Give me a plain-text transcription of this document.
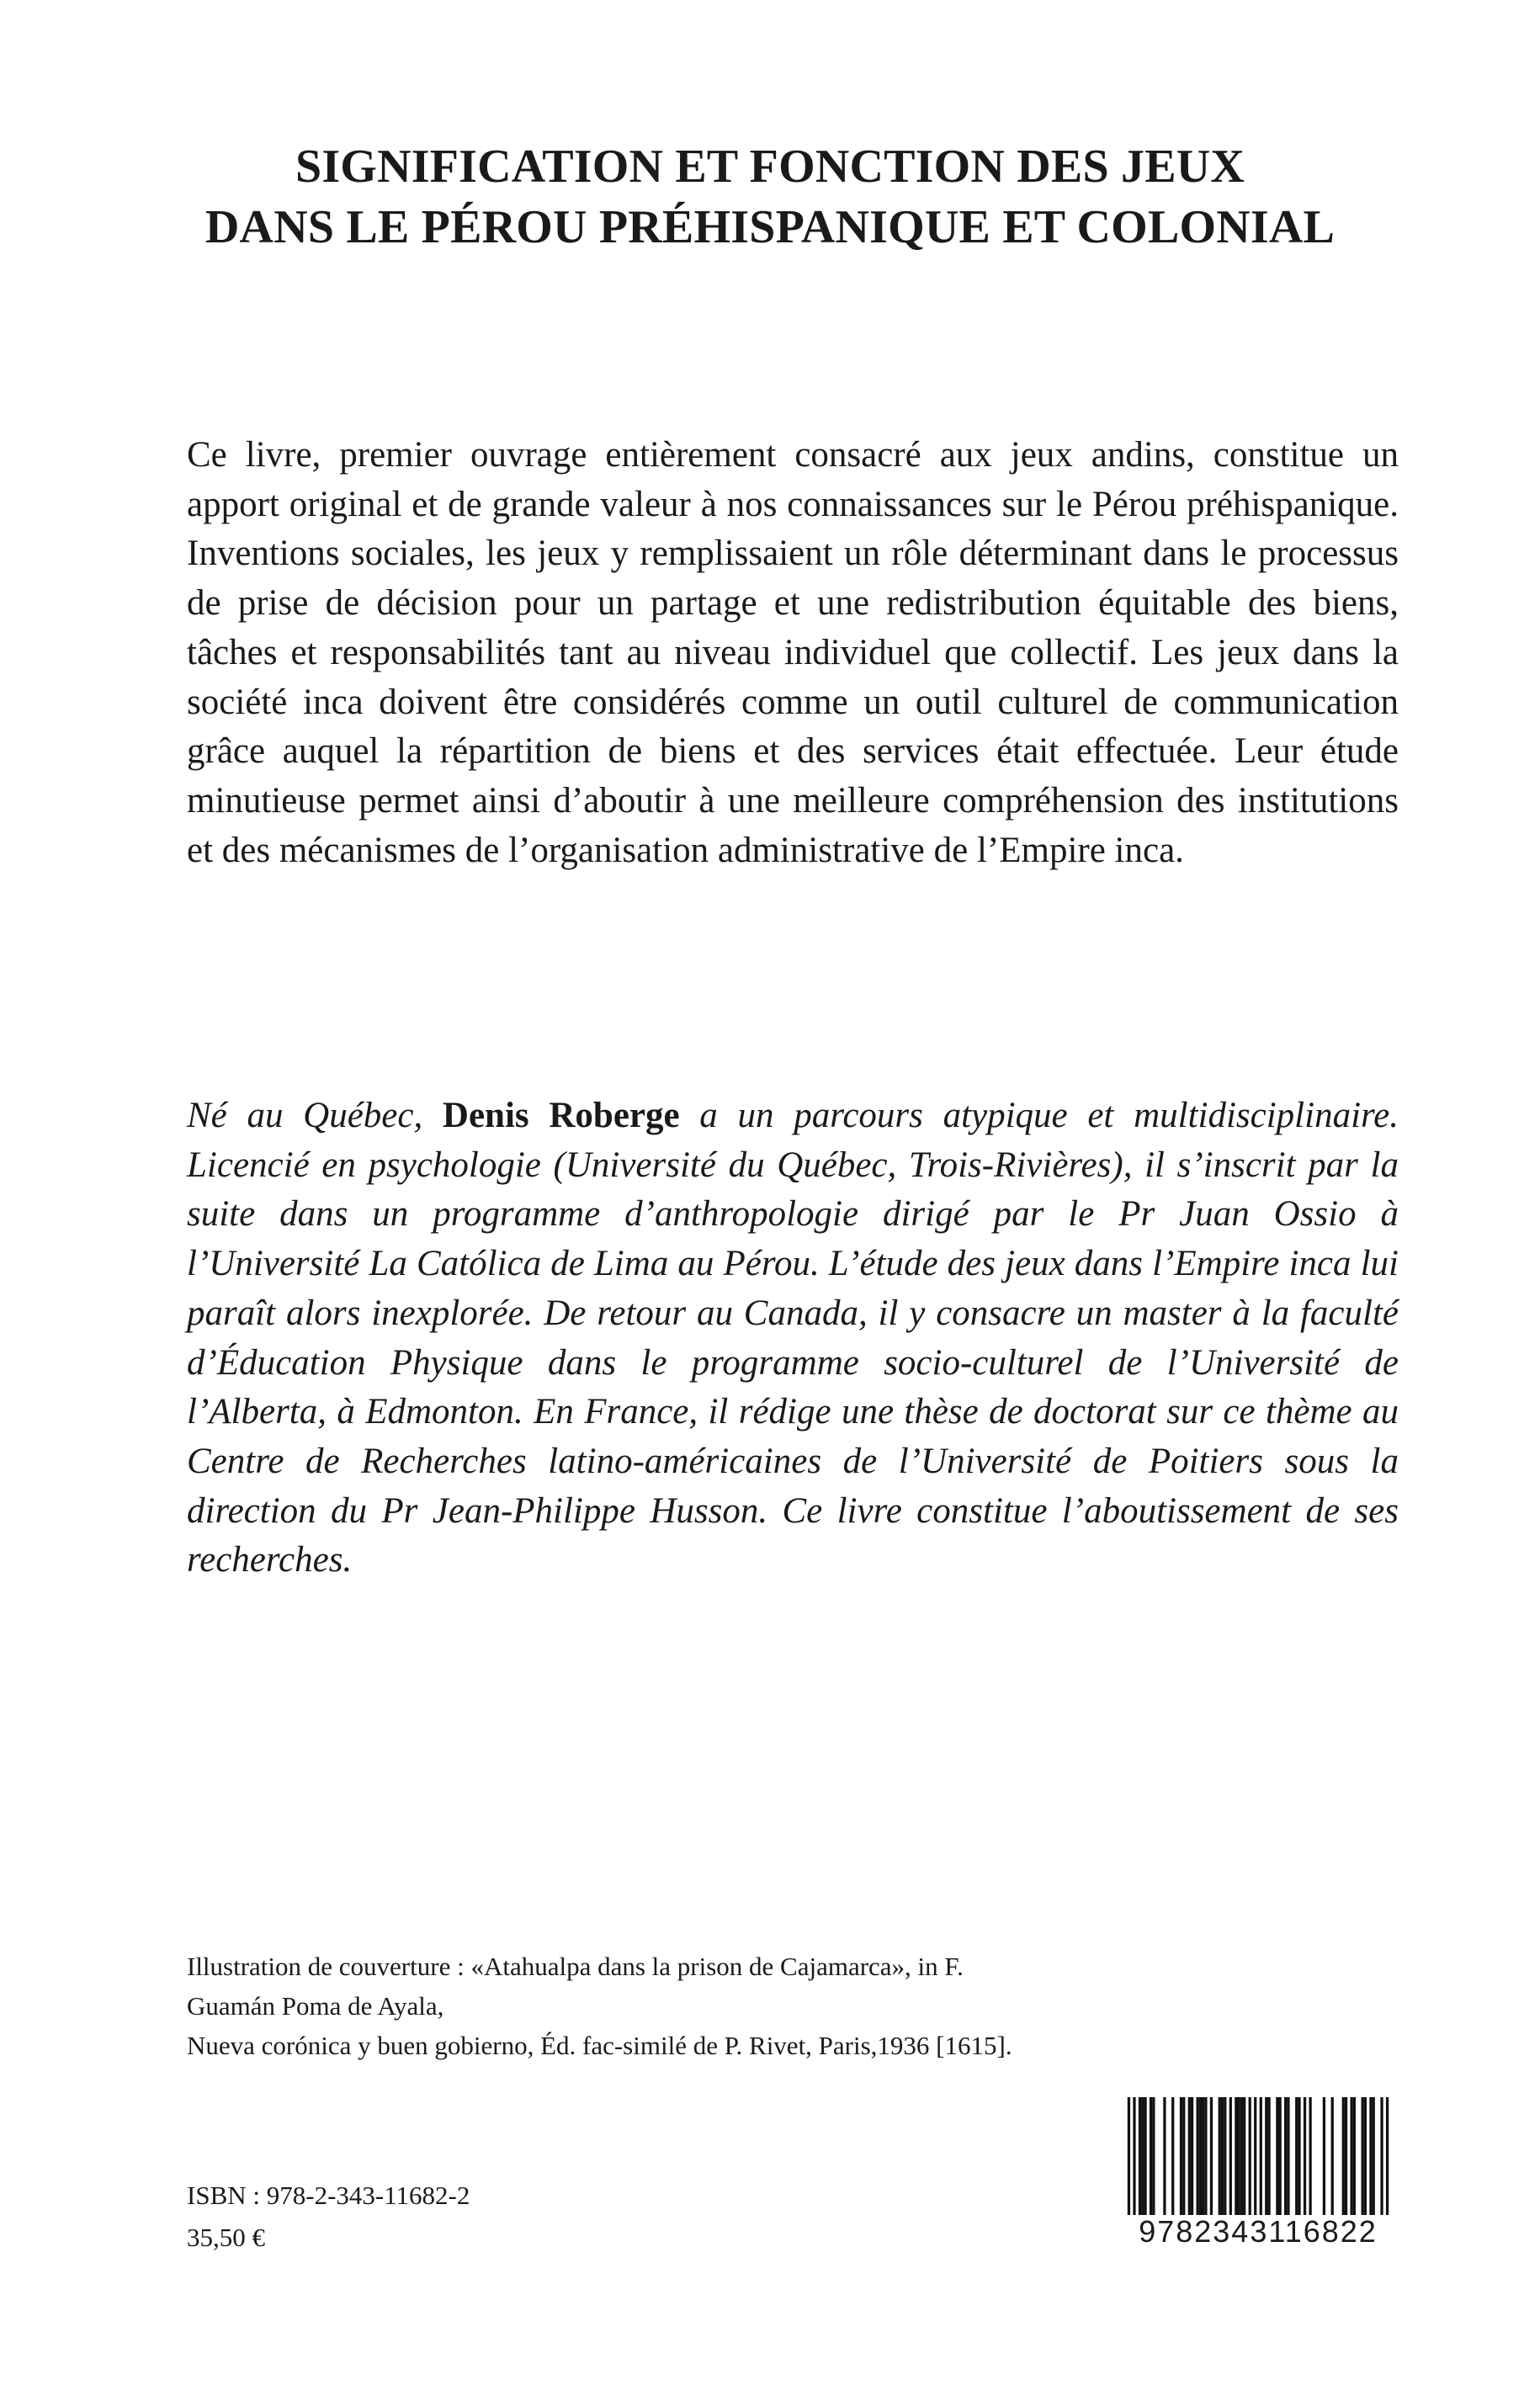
SIGNIFICATION ET FONCTION DES JEUX
DANS LE PÉROU PRÉHISPANIQUE ET COLONIAL

Ce livre, premier ouvrage entièrement consacré aux jeux andins, constitue un apport original et de grande valeur à nos connaissances sur le Pérou préhispanique. Inventions sociales, les jeux y remplissaient un rôle déterminant dans le processus de prise de décision pour un partage et une redistribution équitable des biens, tâches et responsabilités tant au niveau individuel que collectif. Les jeux dans la société inca doivent être considérés comme un outil culturel de communication grâce auquel la répartition de biens et des services était effectuée. Leur étude minutieuse permet ainsi d’aboutir à une meilleure compréhension des institutions et des mécanismes de l’organisation administrative de l’Empire inca.

Né au Québec, Denis Roberge a un parcours atypique et multidisciplinaire. Licencié en psychologie (Université du Québec, Trois-Rivières), il s’inscrit par la suite dans un programme d’anthropologie dirigé par le Pr Juan Ossio à l’Université La Católica de Lima au Pérou. L’étude des jeux dans l’Empire inca lui paraît alors inexplorée. De retour au Canada, il y consacre un master à la faculté d’Éducation Physique dans le programme socio-culturel de l’Université de l’Alberta, à Edmonton. En France, il rédige une thèse de doctorat sur ce thème au Centre de Recherches latino-américaines de l’Université de Poitiers sous la direction du Pr Jean-Philippe Husson. Ce livre constitue l’aboutissement de ses recherches.

Illustration de couverture : «Atahualpa dans la prison de Cajamarca», in F.
Guamán Poma de Ayala,
Nueva corónica y buen gobierno, Éd. fac-similé de P. Rivet, Paris,1936 [1615].
ISBN : 978-2-343-11682-2
35,50 €	9782343116822
